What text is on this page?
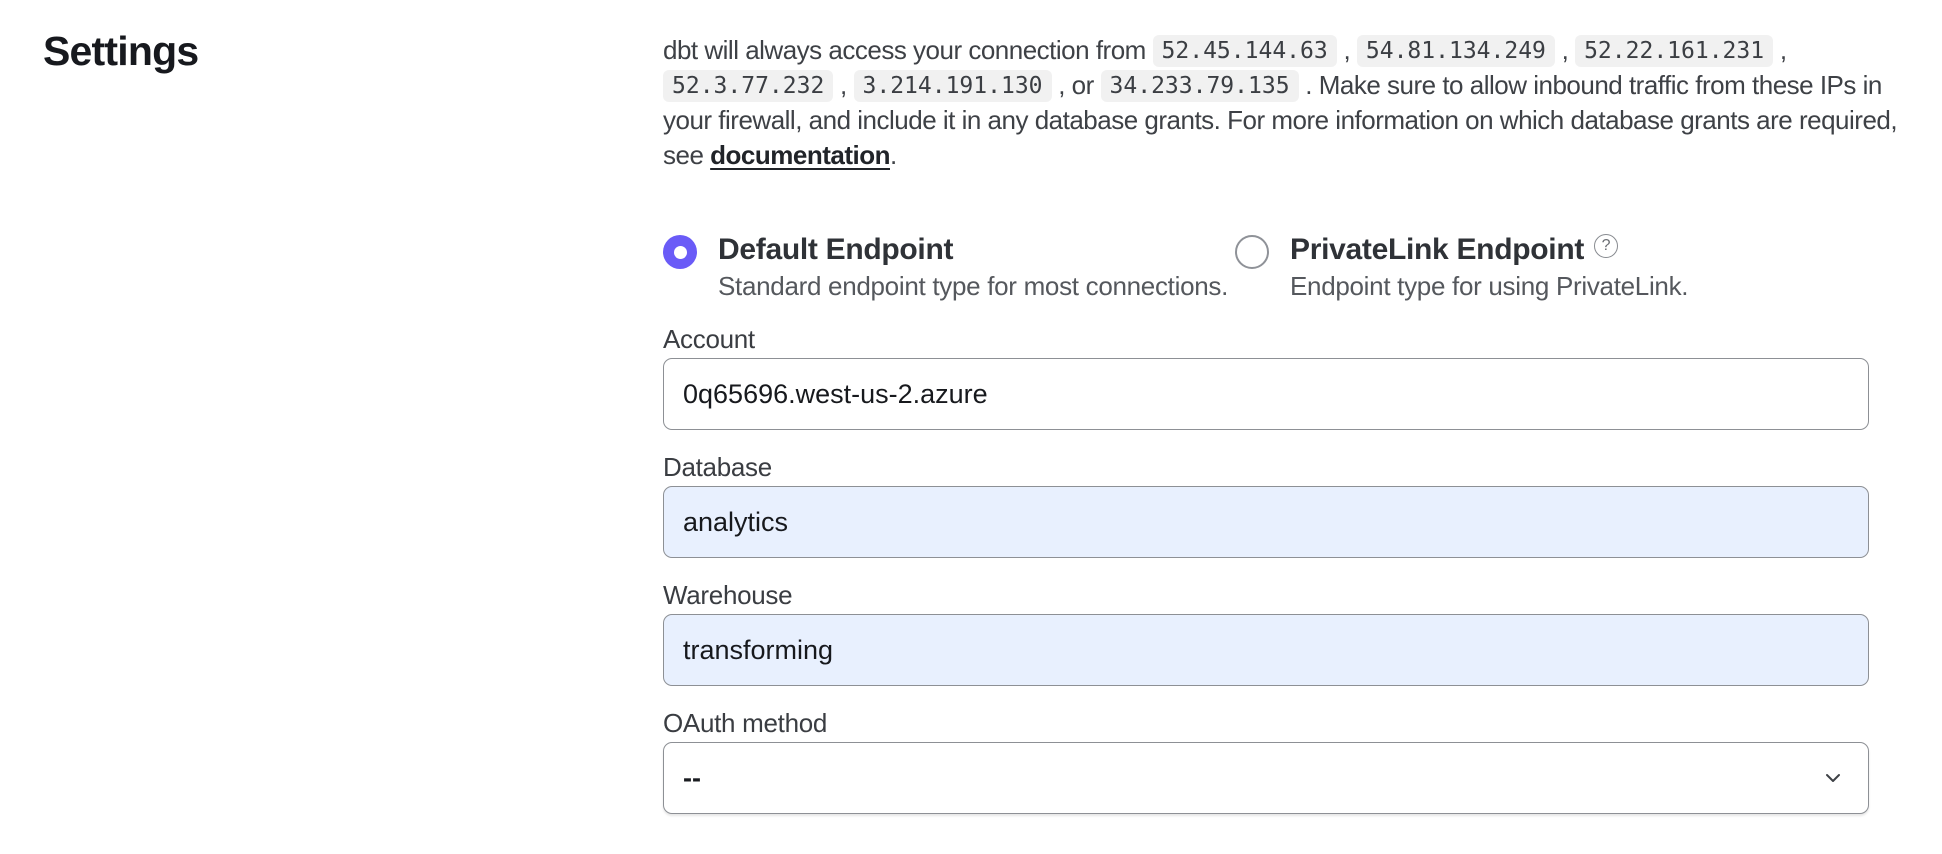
Settings	dbt will always access your connection from 52.45.144.63 , 54.81.134.249 , 52.22.161.231 ,
52.3.77.232 , 3.214.191.130 , or 34.233.79.135 . Make sure to allow inbound traffic from these IPs in
your firewall, and include it in any database grants. For more information on which database grants are required,
see documentation .
Default Endpoint
Standard endpoint type for most connections.
PrivateLink Endpoint	?
Endpoint type for using PrivateLink.
Account
0q65696.west-us-2.azure
Database
analytics
Warehouse
transforming
OAuth method
--
